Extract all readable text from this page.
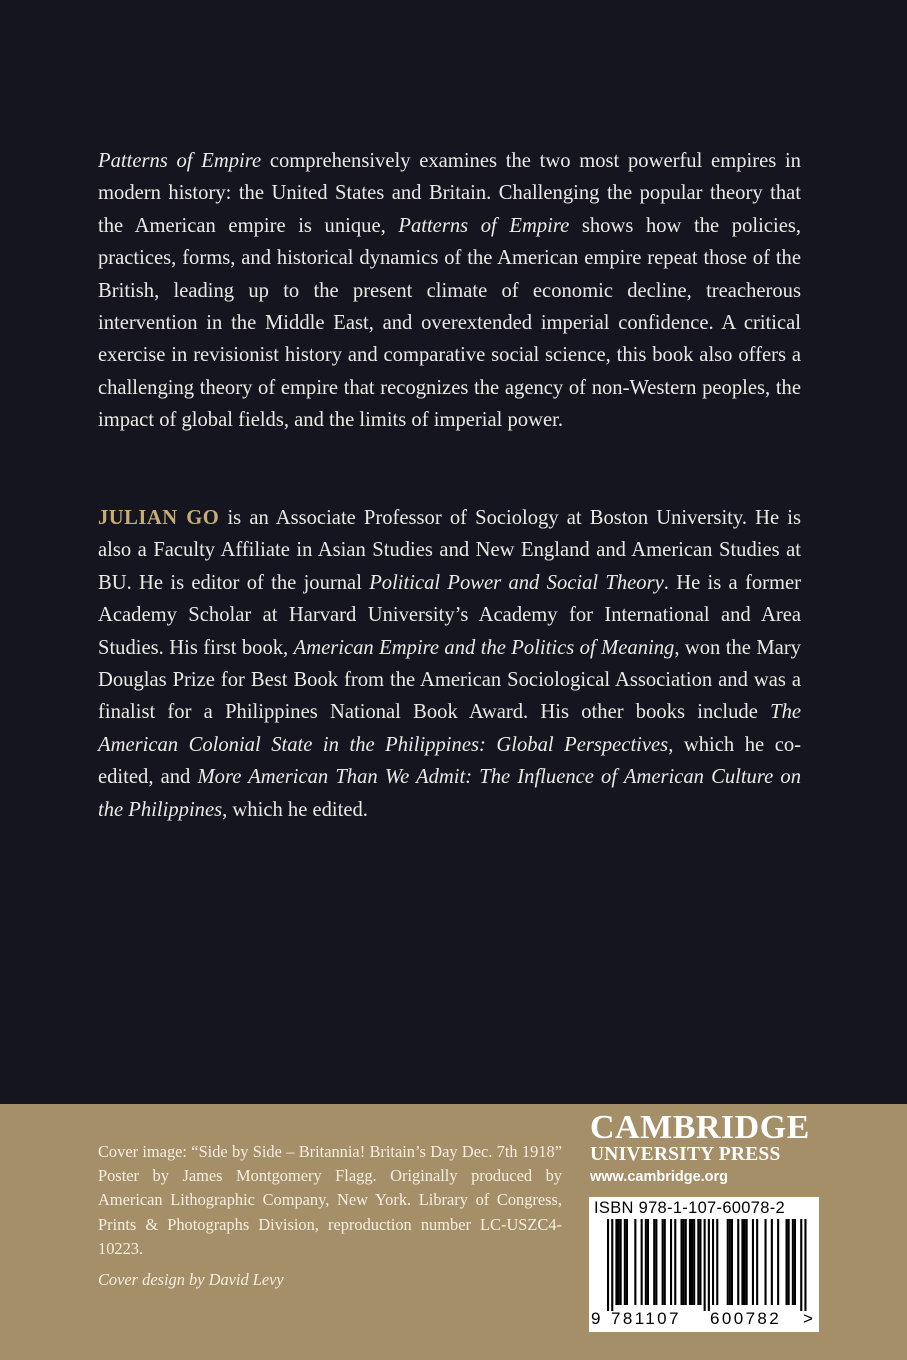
Patterns of Empire comprehensively examines the two most powerful empires in modern history: the United States and Britain. Challenging the popular theory that the American empire is unique, Patterns of Empire shows how the policies, practices, forms, and historical dynamics of the American empire repeat those of the British, leading up to the present climate of economic decline, treacherous intervention in the Middle East, and overextended imperial confidence. A critical exercise in revisionist history and comparative social science, this book also offers a challenging theory of empire that recognizes the agency of non-Western peoples, the impact of global fields, and the limits of imperial power.

JULIAN GO is an Associate Professor of Sociology at Boston University. He is also a Faculty Affiliate in Asian Studies and New England and American Studies at BU. He is editor of the journal Political Power and Social Theory. He is a former Academy Scholar at Harvard University’s Academy for International and Area Studies. His first book, American Empire and the Politics of Meaning, won the Mary Douglas Prize for Best Book from the American Sociological Association and was a finalist for a Philippines National Book Award. His other books include The American Colonial State in the Philippines: Global Perspectives, which he co-edited, and More American Than We Admit: The Influence of American Culture on the Philippines, which he edited.

Cover image: “Side by Side – Britannia! Britain’s Day Dec. 7th 1918” Poster by James Montgomery Flagg. Originally produced by American Lithographic Company, New York. Library of Congress, Prints & Photographs Division, reproduction number LC-USZC4-10223.

Cover design by David Levy

CAMBRIDGE
UNIVERSITY PRESS
www.cambridge.org
ISBN 978-1-107-60078-2
9 781107 600782 >
